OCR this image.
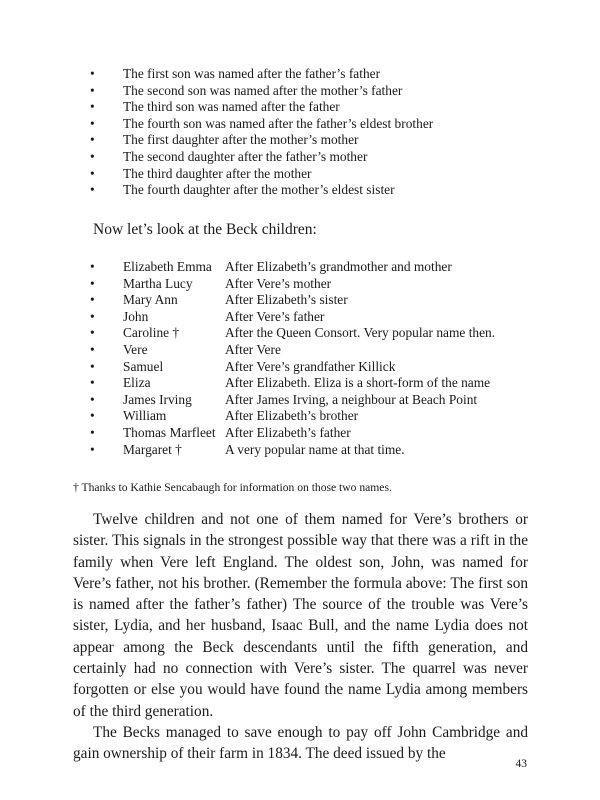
•	The first son was named after the father’s father
•	The second son was named after the mother’s father
•	The third son was named after the father
•	The fourth son was named after the father’s eldest brother
•	The first daughter after the mother’s mother
•	The second daughter after the father’s mother
•	The third daughter after the mother
•	The fourth daughter after the mother’s eldest sister

Now let’s look at the Beck children:

•	Elizabeth Emma After Elizabeth’s grandmother and mother
•	Martha Lucy	After Vere’s mother
•	Mary Ann	After Elizabeth’s sister
•	John	After Vere’s father
•	Caroline †	After the Queen Consort. Very popular name then.
•	Vere	After Vere
•	Samuel	After Vere’s grandfather Killick
•	Eliza	After Elizabeth. Eliza is a short-form of the name
•	James Irving	After James Irving, a neighbour at Beach Point
•	William	After Elizabeth’s brother
•	Thomas Marfleet After Elizabeth’s father
•	Margaret †	A very popular name at that time.

† Thanks to Kathie Sencabaugh for information on those two names.

Twelve children and not one of them named for Vere’s brothers or sister. This signals in the strongest possible way that there was a rift in the family when Vere left England. The oldest son, John, was named for Vere’s father, not his brother. (Remember the formula above: The first son is named after the father’s father) The source of the trouble was Vere’s sister, Lydia, and her husband, Isaac Bull, and the name Lydia does not appear among the Beck descendants until the fifth generation, and certainly had no connection with Vere’s sister. The quarrel was never forgotten or else you would have found the name Lydia among members of the third generation.

The Becks managed to save enough to pay off John Cambridge and gain ownership of their farm in 1834. The deed issued by the

43
